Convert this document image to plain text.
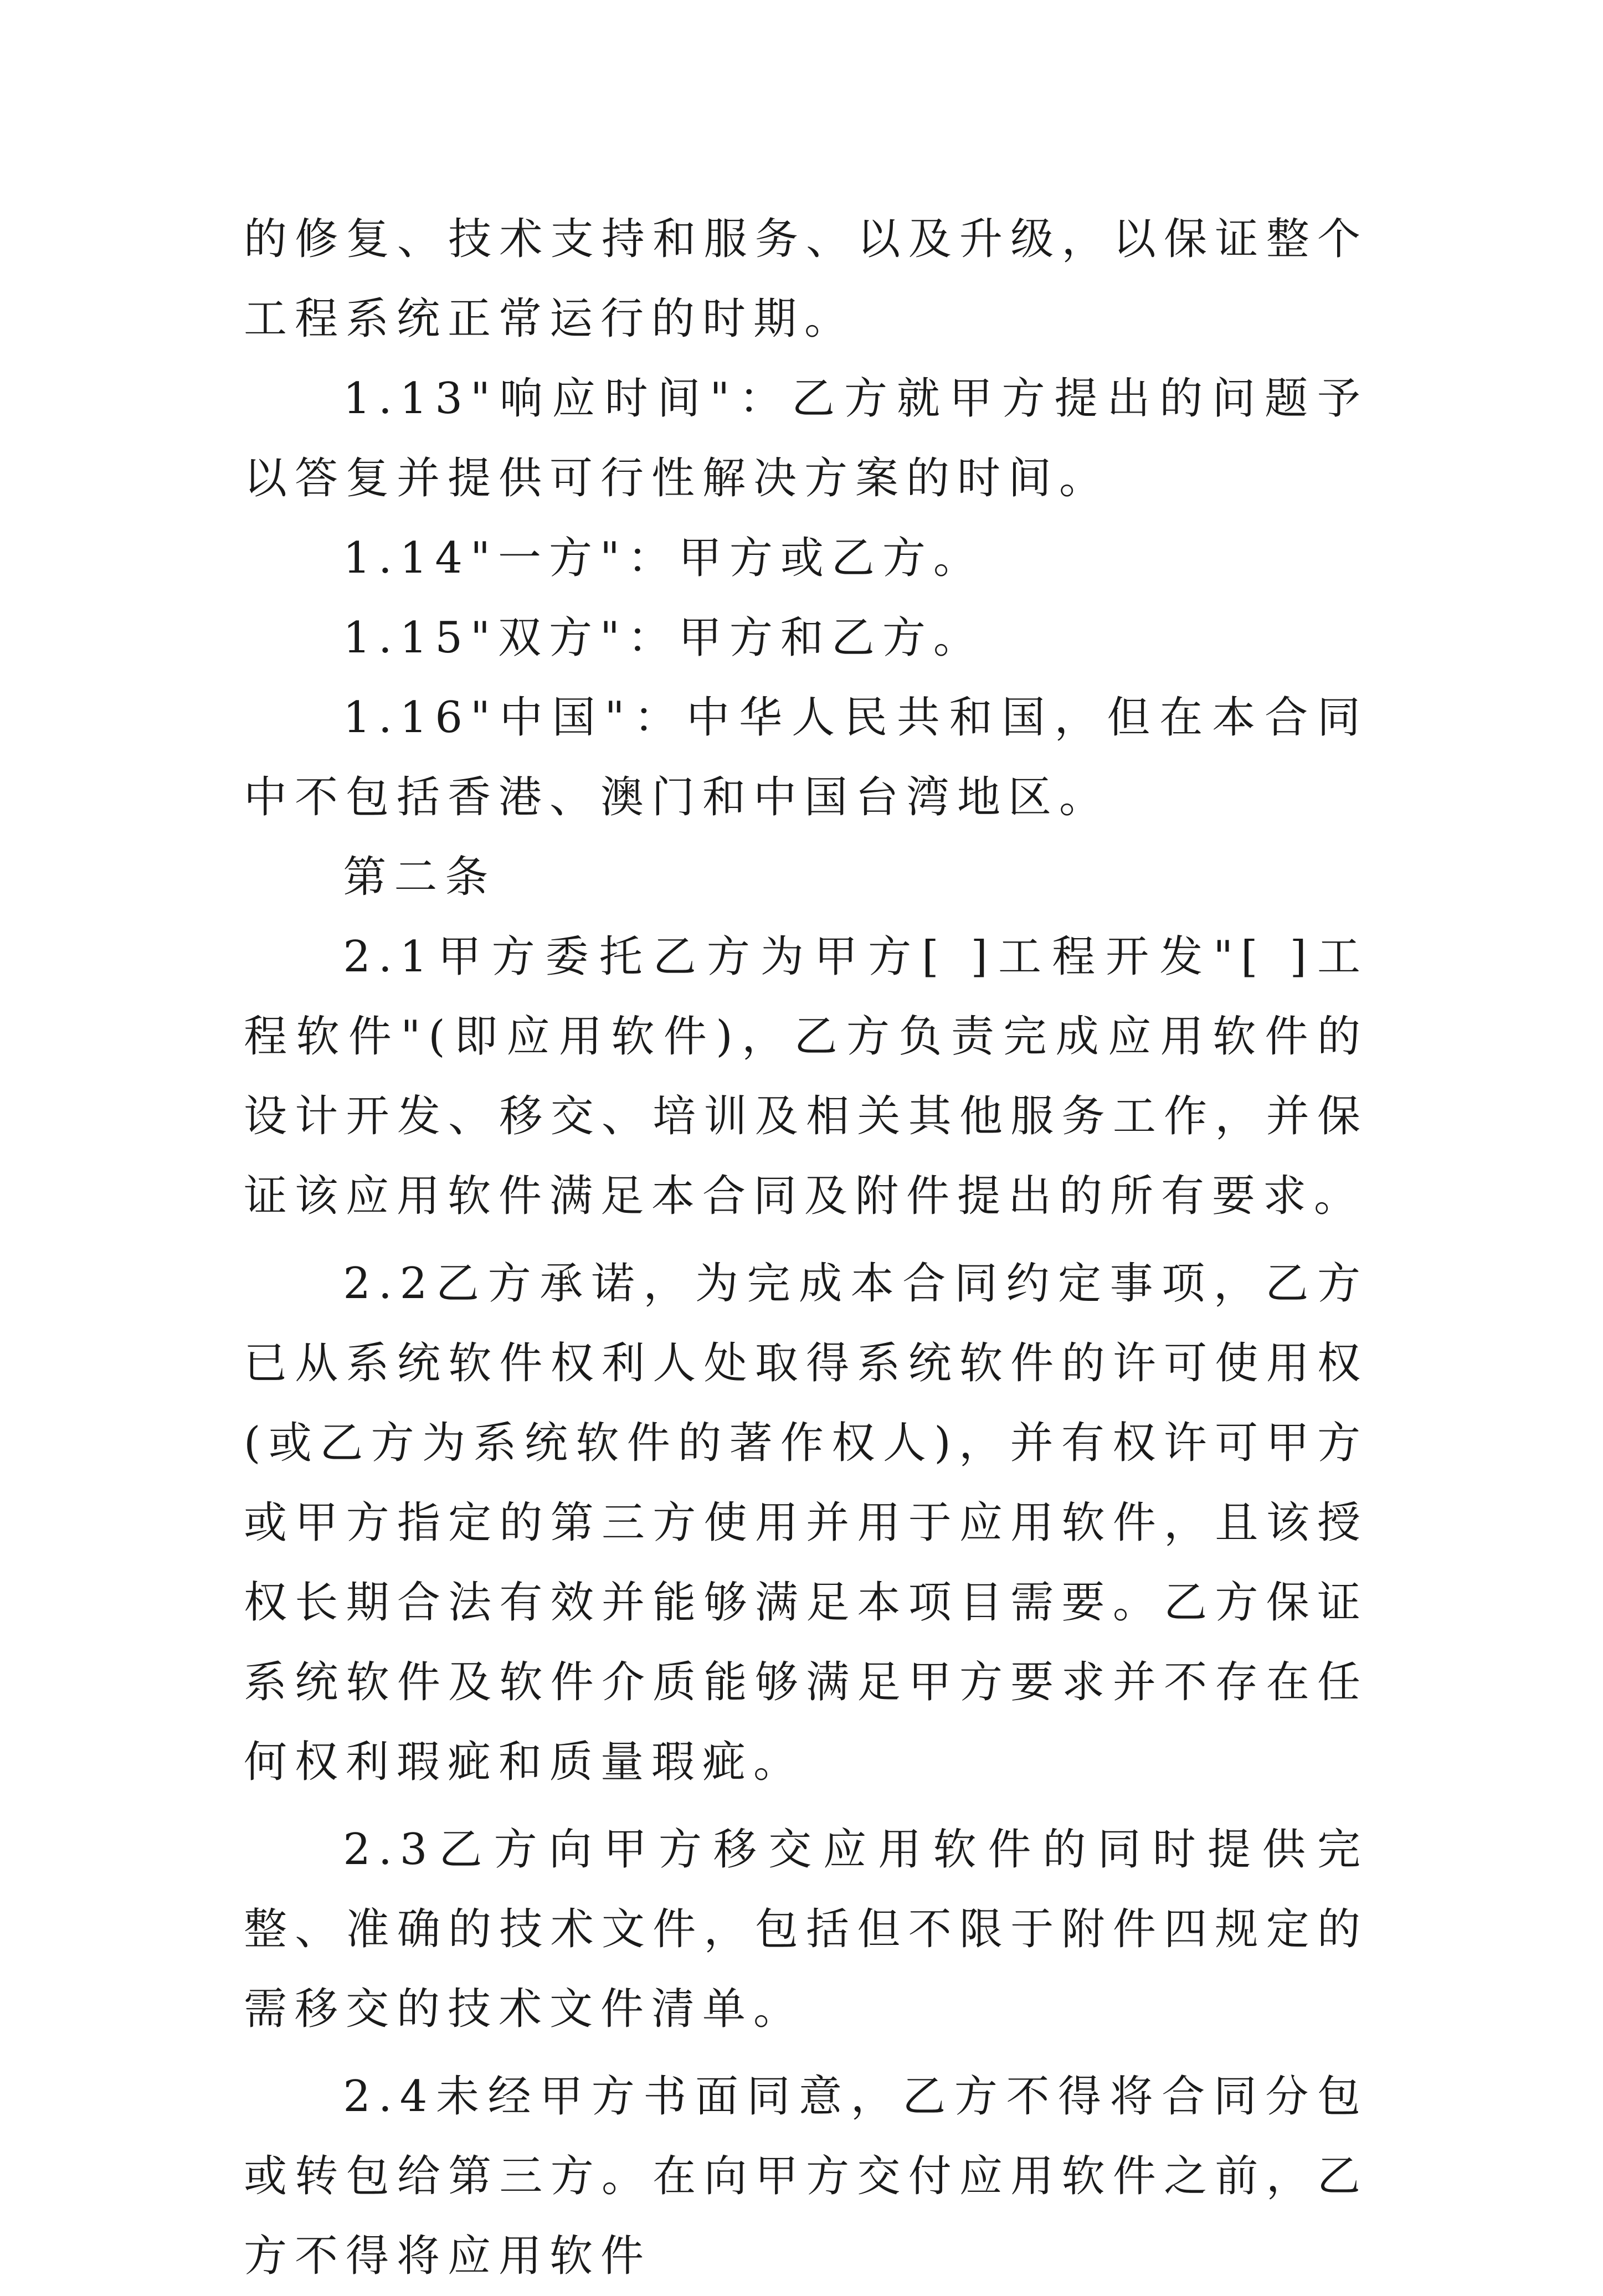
的修复、技术支持和服务、以及升级，以保证整个工程系统正常运行的时期。

1.13"响应时间"：乙方就甲方提出的问题予以答复并提供可行性解决方案的时间。

1.14"一方"：甲方或乙方。

1.15"双方"：甲方和乙方。

1.16"中国"：中华人民共和国，但在本合同中不包括香港、澳门和中国台湾地区。

第二条

2.1甲方委托乙方为甲方[ ]工程开发"[ ]工程软件"(即应用软件)，乙方负责完成应用软件的设计开发、移交、培训及相关其他服务工作，并保证该应用软件满足本合同及附件提出的所有要求。

2.2乙方承诺，为完成本合同约定事项，乙方已从系统软件权利人处取得系统软件的许可使用权(或乙方为系统软件的著作权人)，并有权许可甲方或甲方指定的第三方使用并用于应用软件，且该授权长期合法有效并能够满足本项目需要。乙方保证系统软件及软件介质能够满足甲方要求并不存在任何权利瑕疵和质量瑕疵。

2.3乙方向甲方移交应用软件的同时提供完整、准确的技术文件，包括但不限于附件四规定的需移交的技术文件清单。

2.4未经甲方书面同意，乙方不得将合同分包或转包给第三方。在向甲方交付应用软件之前，乙方不得将应用软件
